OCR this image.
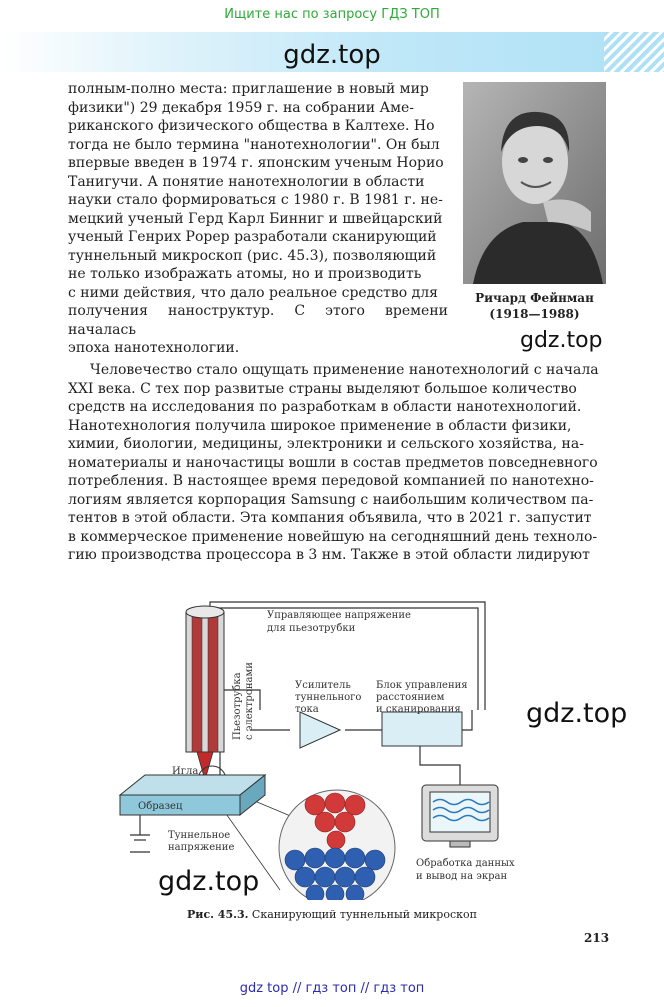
Ищите нас по запросу ГДЗ ТОП
gdz.top
полным-полно места: приглашение в новый мир
физики") 29 декабря 1959 г. на собрании Аме-
риканского физического общества в Калтехе. Но
тогда не было термина "нанотехнологии". Он был
впервые введен в 1974 г. японским ученым Норио
Танигучи. А понятие нанотехнологии в области
науки стало формироваться с 1980 г. В 1981 г. не-
мецкий ученый Герд Карл Бинниг и швейцарский
ученый Генрих Рорер разработали сканирующий
туннельный микроскоп (рис. 45.3), позволяющий
не только изображать атомы, но и производить
с ними действия, что дало реальное средство для
получения наноструктур. С этого времени началась
эпоха нанотехнологии.
Ричард Фейнман
(1918—1988)
gdz.top
Человечество стало ощущать применение нанотехнологий с начала
XXI века. С тех пор развитые страны выделяют большое количество
средств на исследования по разработкам в области нанотехнологий.
Нанотехнология получила широкое применение в области физики,
химии, биологии, медицины, электроники и сельского хозяйства, на-
номатериалы и наночастицы вошли в состав предметов повседневного
потребления. В настоящее время передовой компанией по нанотехно-
логиям является корпорация Samsung с наибольшим количеством па-
тентов в этой области. Эта компания объявила, что в 2021 г. запустит
в коммерческое применение новейшую на сегодняшний день техноло-
гию производства процессора в 3 нм. Также в этой области лидируют
Управляющее напряжение
для пьезотрубки
Пьезотрубка с электронами	Усилитель
туннельного
тока
Блок управления
расстоянием
и сканирования
Игла
Образец
Туннельное
напряжение
Обработка данных
и вывод на экран
gdz.top
gdz.top
Рис. 45.3. Сканирующий туннельный микроскоп
213
gdz top // гдз топ // гдз топ
